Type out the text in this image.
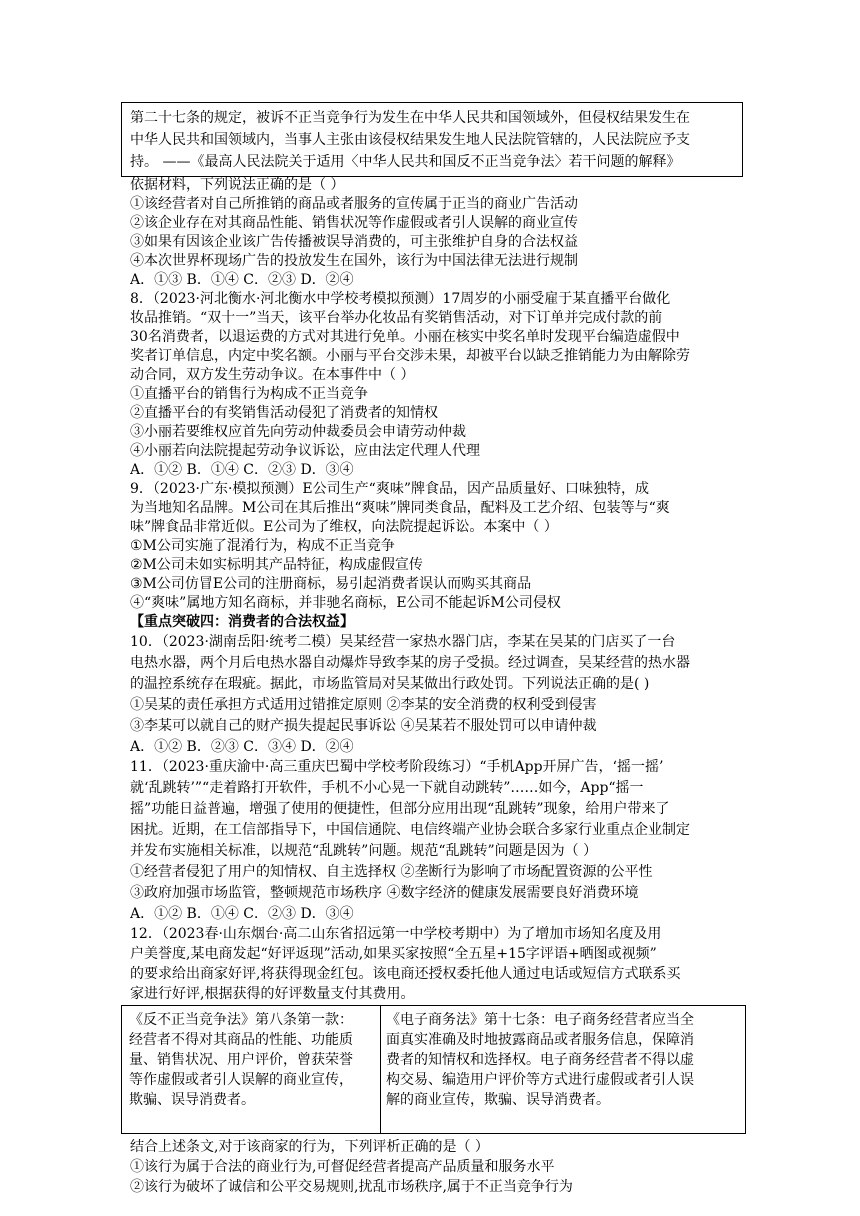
第二十七条的规定，被诉不正当竞争行为发生在中华人民共和国领域外，但侵权结果发生在
中华人民共和国领域内，当事人主张由该侵权结果发生地人民法院管辖的，人民法院应予支
持。 ——《最高人民法院关于适用〈中华人民共和国反不正当竞争法〉若干问题的解释》
依据材料，下列说法正确的是（ ）
①该经营者对自己所推销的商品或者服务的宣传属于正当的商业广告活动
②该企业存在对其商品性能、销售状况等作虚假或者引人误解的商业宣传
③如果有因该企业该广告传播被误导消费的，可主张维护自身的合法权益
④本次世界杯现场广告的投放发生在国外，该行为中国法律无法进行规制
A．①③ B．①④ C．②③ D．②④
8．（2023·河北衡水·河北衡水中学校考模拟预测）17周岁的小丽受雇于某直播平台做化
妆品推销。“双十一”当天，该平台举办化妆品有奖销售活动，对下订单并完成付款的前
30名消费者，以退运费的方式对其进行免单。小丽在核实中奖名单时发现平台编造虚假中
奖者订单信息，内定中奖名额。小丽与平台交涉未果，却被平台以缺乏推销能力为由解除劳
动合同，双方发生劳动争议。在本事件中（ ）
①直播平台的销售行为构成不正当竞争
②直播平台的有奖销售活动侵犯了消费者的知情权
③小丽若要维权应首先向劳动仲裁委员会申请劳动仲裁
④小丽若向法院提起劳动争议诉讼，应由法定代理人代理
A．①② B．①④ C．②③ D．③④
9．（2023·广东·模拟预测）E公司生产“爽味”牌食品，因产品质量好、口味独特，成
为当地知名品牌。M公司在其后推出“爽味”牌同类食品，配料及工艺介绍、包装等与“爽
味”牌食品非常近似。E公司为了维权，向法院提起诉讼。本案中（ ）
①M公司实施了混淆行为，构成不正当竞争
②M公司未如实标明其产品特征，构成虚假宣传
③M公司仿冒E公司的注册商标，易引起消费者误认而购买其商品
④“爽味”属地方知名商标，并非驰名商标，E公司不能起诉M公司侵权
【重点突破四：消费者的合法权益】
10．（2023·湖南岳阳·统考二模）吴某经营一家热水器门店，李某在吴某的门店买了一台
电热水器，两个月后电热水器自动爆炸导致李某的房子受损。经过调查，吴某经营的热水器
的温控系统存在瑕疵。据此，市场监管局对吴某做出行政处罚。下列说法正确的是( )
①吴某的责任承担方式适用过错推定原则 ②李某的安全消费的权利受到侵害
③李某可以就自己的财产损失提起民事诉讼 ④吴某若不服处罚可以申请仲裁
A．①② B．②③ C．③④ D．②④
11．（2023·重庆渝中·高三重庆巴蜀中学校考阶段练习）“手机App开屏广告，‘摇一摇’
就‘乱跳转’”“走着路打开软件，手机不小心晃一下就自动跳转”……如今，App“摇一
摇”功能日益普遍，增强了使用的便捷性，但部分应用出现“乱跳转”现象，给用户带来了
困扰。近期，在工信部指导下，中国信通院、电信终端产业协会联合多家行业重点企业制定
并发布实施相关标准，以规范“乱跳转”问题。规范“乱跳转”问题是因为（ ）
①经营者侵犯了用户的知情权、自主选择权 ②垄断行为影响了市场配置资源的公平性
③政府加强市场监管，整顿规范市场秩序 ④数字经济的健康发展需要良好消费环境
A．①② B．①④ C．②③ D．③④
12．（2023春·山东烟台·高二山东省招远第一中学校考期中）为了增加市场知名度及用
户美誉度,某电商发起“好评返现”活动,如果买家按照“全五星+15字评语+晒图或视频”
的要求给出商家好评,将获得现金红包。该电商还授权委托他人通过电话或短信方式联系买
家进行好评,根据获得的好评数量支付其费用。
《反不正当竞争法》第八条第一款：
经营者不得对其商品的性能、功能质
量、销售状况、用户评价，曾获荣誉
等作虚假或者引人误解的商业宣传，
欺骗、误导消费者。
《电子商务法》第十七条：电子商务经营者应当全
面真实准确及时地披露商品或者服务信息，保障消
费者的知情权和选择权。电子商务经营者不得以虚
构交易、编造用户评价等方式进行虚假或者引人误
解的商业宣传，欺骗、误导消费者。
结合上述条文,对于该商家的行为，下列评析正确的是（ ）
①该行为属于合法的商业行为,可督促经营者提高产品质量和服务水平
②该行为破坏了诚信和公平交易规则,扰乱市场秩序,属于不正当竞争行为
